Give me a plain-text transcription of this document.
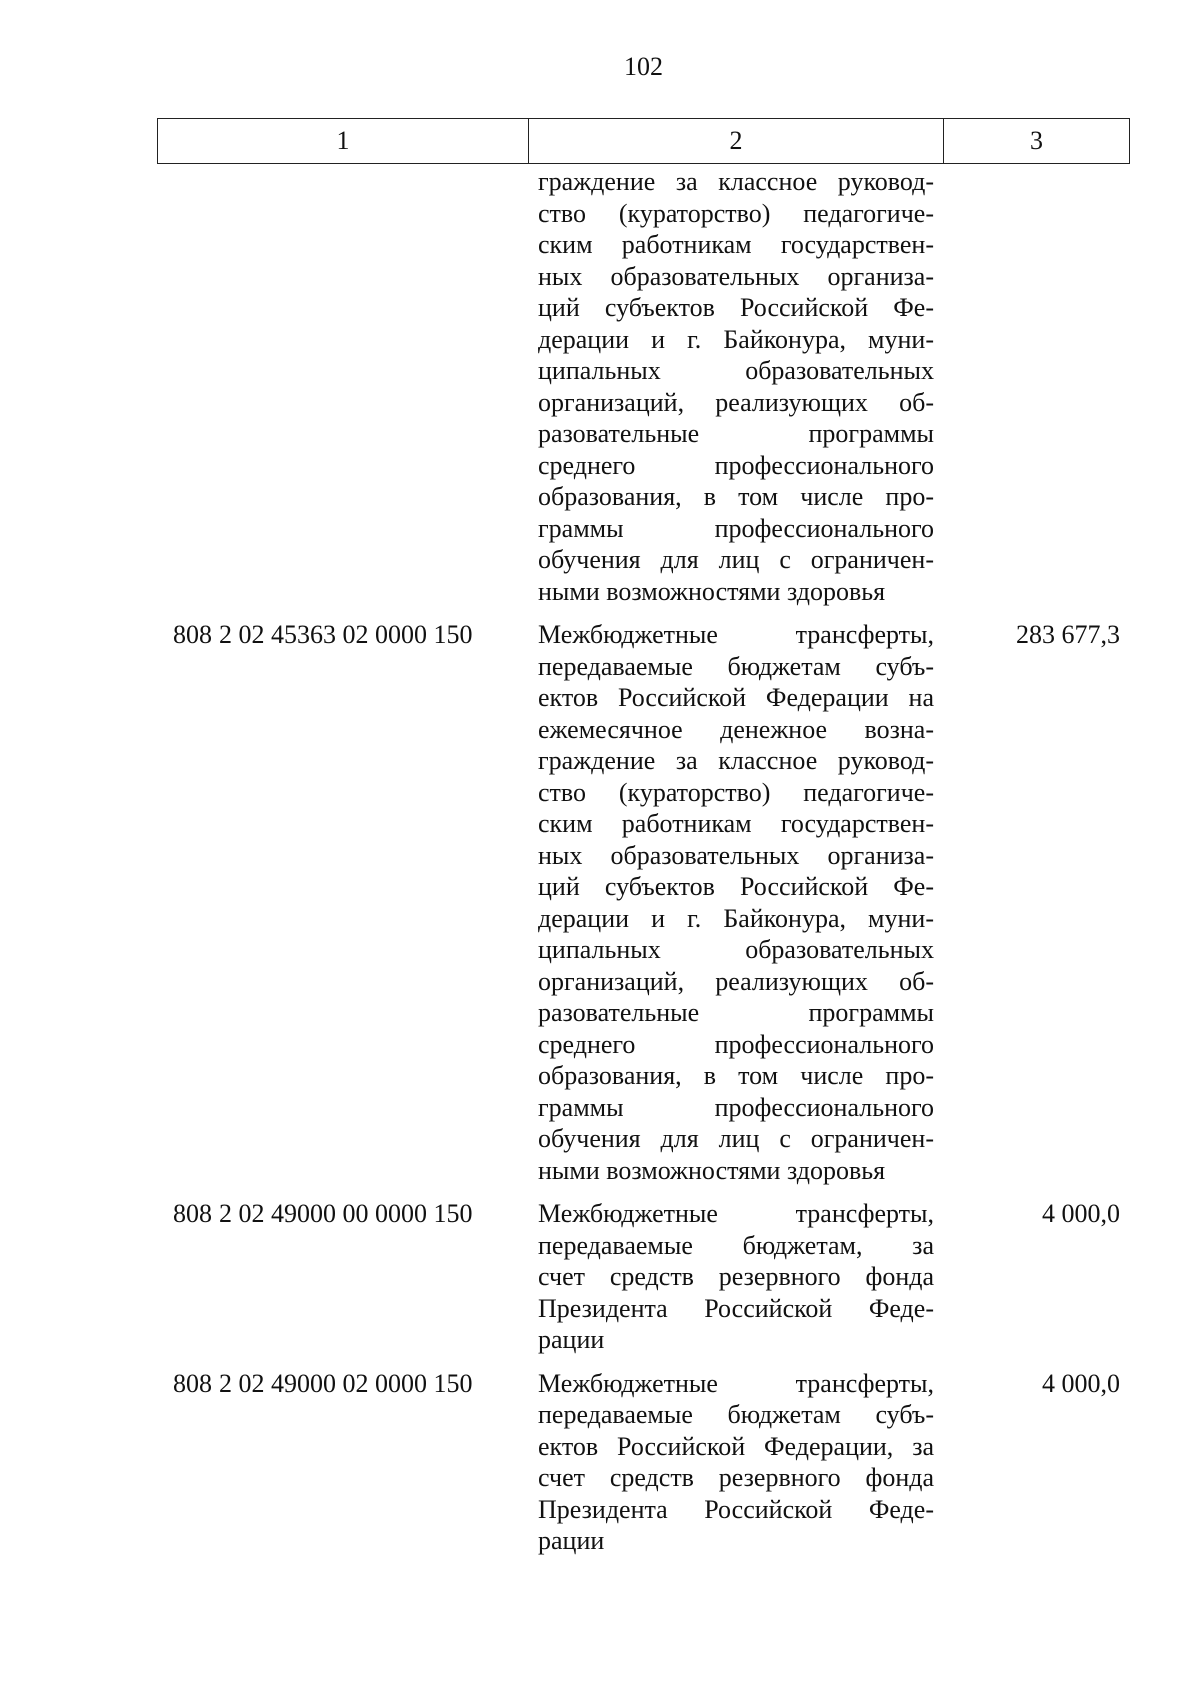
102
1	2	3
граждение за классное руковод-
ство (кураторство) педагогиче-
ским работникам государствен-
ных образовательных организа-
ций субъектов Российской Фе-
дерации и г. Байконура, муни-
ципальных образовательных
организаций, реализующих об-
разовательные программы
среднего профессионального
образования, в том числе про-
граммы профессионального
обучения для лиц с ограничен-
ными возможностями здоровья
808 2 02 45363 02 0000 150	Межбюджетные трансферты,
передаваемые бюджетам субъ-
ектов Российской Федерации на
ежемесячное денежное возна-
граждение за классное руковод-
ство (кураторство) педагогиче-
ским работникам государствен-
ных образовательных организа-
ций субъектов Российской Фе-
дерации и г. Байконура, муни-
ципальных образовательных
организаций, реализующих об-
разовательные программы
среднего профессионального
образования, в том числе про-
граммы профессионального
обучения для лиц с ограничен-
ными возможностями здоровья
283 677,3
808 2 02 49000 00 0000 150	Межбюджетные трансферты,
передаваемые бюджетам, за
счет средств резервного фонда
Президента Российской Феде-
рации
4 000,0
808 2 02 49000 02 0000 150	Межбюджетные трансферты,
передаваемые бюджетам субъ-
ектов Российской Федерации, за
счет средств резервного фонда
Президента Российской Феде-
рации
4 000,0
